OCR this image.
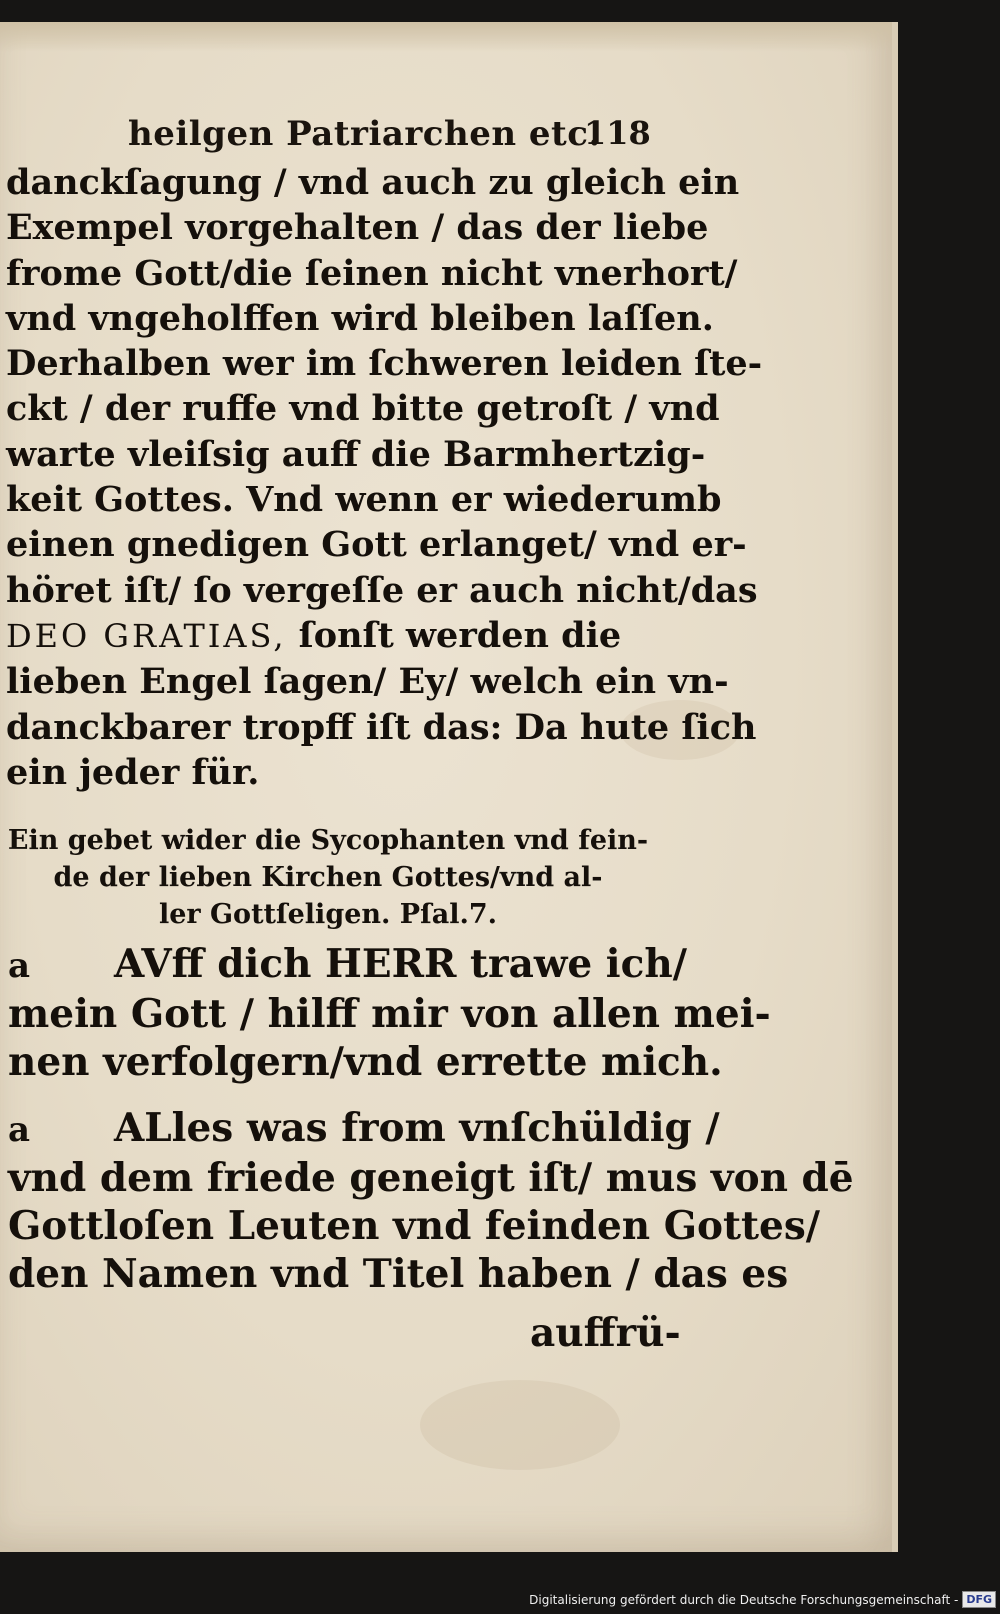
heilgen Patriarchen etc.
118
danckſagung / vnd auch zu gleich ein
Exempel vorgehalten / das der liebe
frome Gott/die ſeinen nicht vnerhort/
vnd vngeholffen wird bleiben laſſen.
Derhalben wer im ſchweren leiden ſte-
ckt / der ruffe vnd bitte getroſt / vnd
warte vleiſsig auff die Barmhertzig-
keit Gottes. Vnd wenn er wiederumb
einen gnedigen Gott erlanget/ vnd er-
höret iſt/ ſo vergeſſe er auch nicht/das
DEO GRATIAS, ſonſt werden die
lieben Engel ſagen/ Ey/ welch ein vn-
danckbarer tropff iſt das: Da hute ſich
ein jeder für.
Ein gebet wider die Sycophanten vnd fein-
de der lieben Kirchen Gottes/vnd al-
ler Gottſeligen. Pſal.7.
a AVff dich HERR trawe ich/
mein Gott / hilff mir von allen mei-
nen verfolgern/vnd errette mich.
a ALles was from vnſchüldig /
vnd dem friede geneigt iſt/ mus von dē
Gottloſen Leuten vnd feinden Gottes/
den Namen vnd Titel haben / das es
auffrü-
Digitalisierung gefördert durch die Deutsche Forschungsgemeinschaft - DFG
